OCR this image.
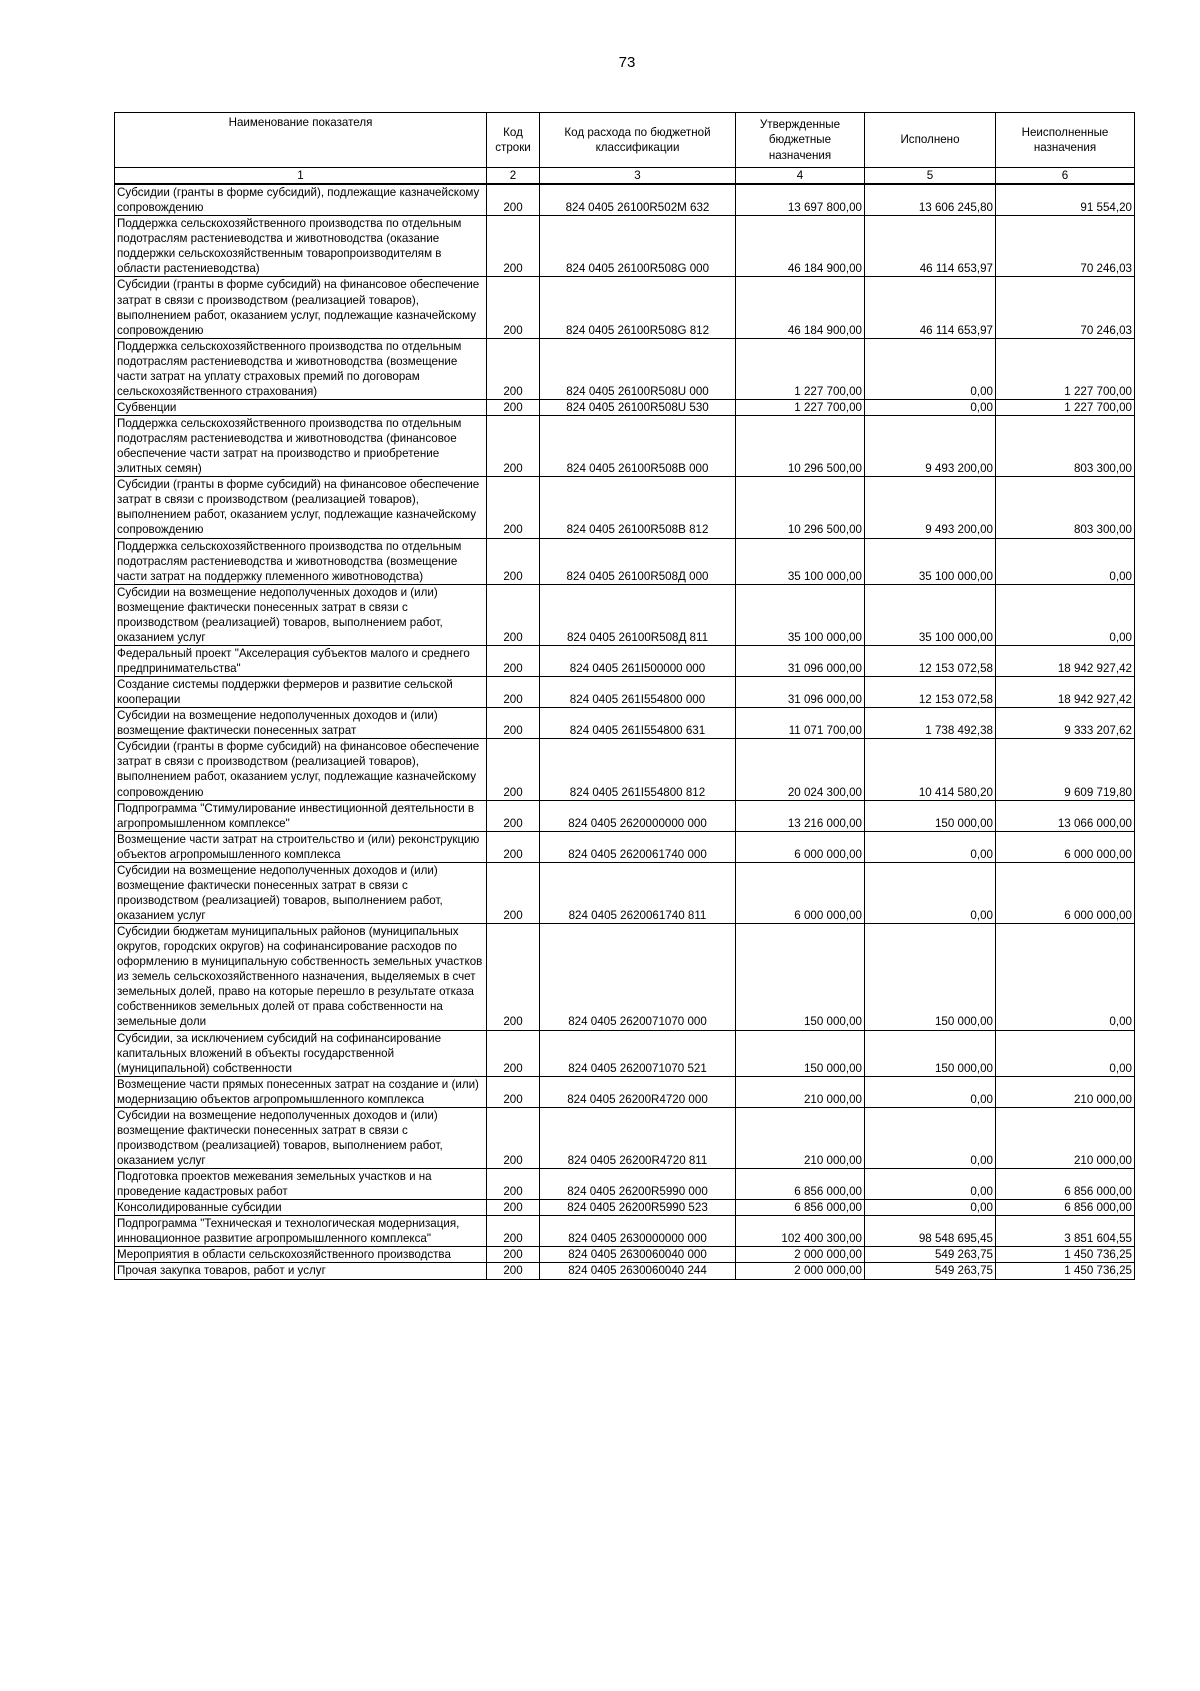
73
Наименование показателя	Код строки	Код расхода по бюджетной классификации	Утвержденные бюджетные назначения	Исполнено	Неисполненные назначения
1	2	3	4	5	6
Субсидии (гранты в форме субсидий), подлежащие казначейскому сопровождению	200	824 0405 26100R502M 632	13 697 800,00	13 606 245,80	91 554,20
Поддержка сельскохозяйственного производства по отдельным подотраслям растениеводства и животноводства (оказание поддержки сельскохозяйственным товаропроизводителям в области растениеводства)	200	824 0405 26100R508G 000	46 184 900,00	46 114 653,97	70 246,03
Субсидии (гранты в форме субсидий) на финансовое обеспечение затрат в связи с производством (реализацией товаров), выполнением работ, оказанием услуг, подлежащие казначейскому сопровождению	200	824 0405 26100R508G 812	46 184 900,00	46 114 653,97	70 246,03
Поддержка сельскохозяйственного производства по отдельным подотраслям растениеводства и животноводства (возмещение части затрат на уплату страховых премий по договорам сельскохозяйственного страхования)	200	824 0405 26100R508U 000	1 227 700,00	0,00	1 227 700,00
Субвенции	200	824 0405 26100R508U 530	1 227 700,00	0,00	1 227 700,00
Поддержка сельскохозяйственного производства по отдельным подотраслям растениеводства и животноводства (финансовое обеспечение части затрат на производство и приобретение элитных семян)	200	824 0405 26100R508B 000	10 296 500,00	9 493 200,00	803 300,00
Субсидии (гранты в форме субсидий) на финансовое обеспечение затрат в связи с производством (реализацией товаров), выполнением работ, оказанием услуг, подлежащие казначейскому сопровождению	200	824 0405 26100R508B 812	10 296 500,00	9 493 200,00	803 300,00
Поддержка сельскохозяйственного производства по отдельным подотраслям растениеводства и животноводства (возмещение части затрат на поддержку племенного животноводства)	200	824 0405 26100R508Д 000	35 100 000,00	35 100 000,00	0,00
Субсидии на возмещение недополученных доходов и (или) возмещение фактически понесенных затрат в связи с производством (реализацией) товаров, выполнением работ, оказанием услуг	200	824 0405 26100R508Д 811	35 100 000,00	35 100 000,00	0,00
Федеральный проект "Акселерация субъектов малого и среднего предпринимательства"	200	824 0405 261I500000 000	31 096 000,00	12 153 072,58	18 942 927,42
Создание системы поддержки фермеров и развитие сельской кооперации	200	824 0405 261I554800 000	31 096 000,00	12 153 072,58	18 942 927,42
Субсидии на возмещение недополученных доходов и (или) возмещение фактически понесенных затрат	200	824 0405 261I554800 631	11 071 700,00	1 738 492,38	9 333 207,62
Субсидии (гранты в форме субсидий) на финансовое обеспечение затрат в связи с производством (реализацией товаров), выполнением работ, оказанием услуг, подлежащие казначейскому сопровождению	200	824 0405 261I554800 812	20 024 300,00	10 414 580,20	9 609 719,80
Подпрограмма "Стимулирование инвестиционной деятельности в агропромышленном комплексе"	200	824 0405 2620000000 000	13 216 000,00	150 000,00	13 066 000,00
Возмещение части затрат на строительство и (или) реконструкцию объектов агропромышленного комплекса	200	824 0405 2620061740 000	6 000 000,00	0,00	6 000 000,00
Субсидии на возмещение недополученных доходов и (или) возмещение фактически понесенных затрат в связи с производством (реализацией) товаров, выполнением работ, оказанием услуг	200	824 0405 2620061740 811	6 000 000,00	0,00	6 000 000,00
Субсидии бюджетам муниципальных районов (муниципальных округов, городских округов) на софинансирование расходов по оформлению в муниципальную собственность земельных участков из земель сельскохозяйственного назначения, выделяемых в счет земельных долей, право на которые перешло в результате отказа собственников земельных долей от права собственности на земельные доли	200	824 0405 2620071070 000	150 000,00	150 000,00	0,00
Субсидии, за исключением субсидий на софинансирование капитальных вложений в объекты государственной (муниципальной) собственности	200	824 0405 2620071070 521	150 000,00	150 000,00	0,00
Возмещение части прямых понесенных затрат на создание и (или) модернизацию объектов агропромышленного комплекса	200	824 0405 26200R4720 000	210 000,00	0,00	210 000,00
Субсидии на возмещение недополученных доходов и (или) возмещение фактически понесенных затрат в связи с производством (реализацией) товаров, выполнением работ, оказанием услуг	200	824 0405 26200R4720 811	210 000,00	0,00	210 000,00
Подготовка проектов межевания земельных участков и на проведение кадастровых работ	200	824 0405 26200R5990 000	6 856 000,00	0,00	6 856 000,00
Консолидированные субсидии	200	824 0405 26200R5990 523	6 856 000,00	0,00	6 856 000,00
Подпрограмма "Техническая и технологическая модернизация, инновационное развитие агропромышленного комплекса"	200	824 0405 2630000000 000	102 400 300,00	98 548 695,45	3 851 604,55
Мероприятия в области сельскохозяйственного производства	200	824 0405 2630060040 000	2 000 000,00	549 263,75	1 450 736,25
Прочая закупка товаров, работ и услуг	200	824 0405 2630060040 244	2 000 000,00	549 263,75	1 450 736,25
